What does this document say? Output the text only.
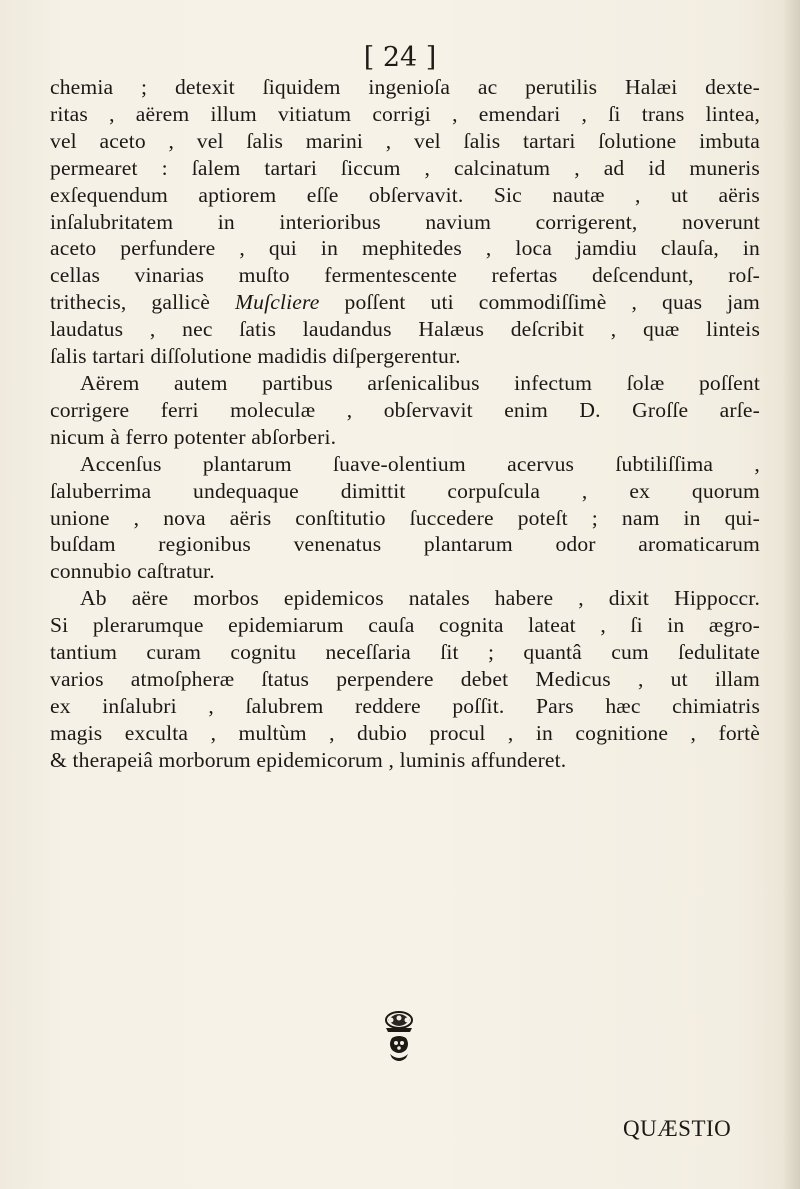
[ 24 ]
chemia ; detexit ſiquidem ingenioſa ac perutilis Halæi dexte-
ritas , aërem illum vitiatum corrigi , emendari , ſi trans lintea,
vel aceto , vel ſalis marini , vel ſalis tartari ſolutione imbuta
permearet : ſalem tartari ſiccum , calcinatum , ad id muneris
exſequendum aptiorem eſſe obſervavit. Sic nautæ , ut aëris
inſalubritatem in interioribus navium corrigerent, noverunt
aceto perfundere , qui in mephitedes , loca jamdiu clauſa, in
cellas vinarias muſto fermentescente refertas deſcendunt, roſ-
trithecis, gallicè Muſcliere poſſent uti commodiſſimè , quas jam
laudatus , nec ſatis laudandus Halæus deſcribit , quæ linteis
ſalis tartari diſſolutione madidis diſpergerentur.
Aërem autem partibus arſenicalibus infectum ſolæ poſſent
corrigere ferri moleculæ , obſervavit enim D. Groſſe arſe-
nicum à ferro potenter abſorberi.
Accenſus plantarum ſuave-olentium acervus ſubtiliſſima ,
ſaluberrima undequaque dimittit corpuſcula , ex quorum
unione , nova aëris conſtitutio ſuccedere poteſt ; nam in qui-
buſdam regionibus venenatus plantarum odor aromaticarum
connubio caſtratur.
Ab aëre morbos epidemicos natales habere , dixit Hippoccr.
Si plerarumque epidemiarum cauſa cognita lateat , ſi in ægro-
tantium curam cognitu neceſſaria ſit ; quantâ cum ſedulitate
varios atmoſpheræ ſtatus perpendere debet Medicus , ut illam
ex inſalubri , ſalubrem reddere poſſit. Pars hæc chimiatris
magis exculta , multùm , dubio procul , in cognitione , fortè
& therapeiâ morborum epidemicorum , luminis affunderet.
QUÆSTIO
